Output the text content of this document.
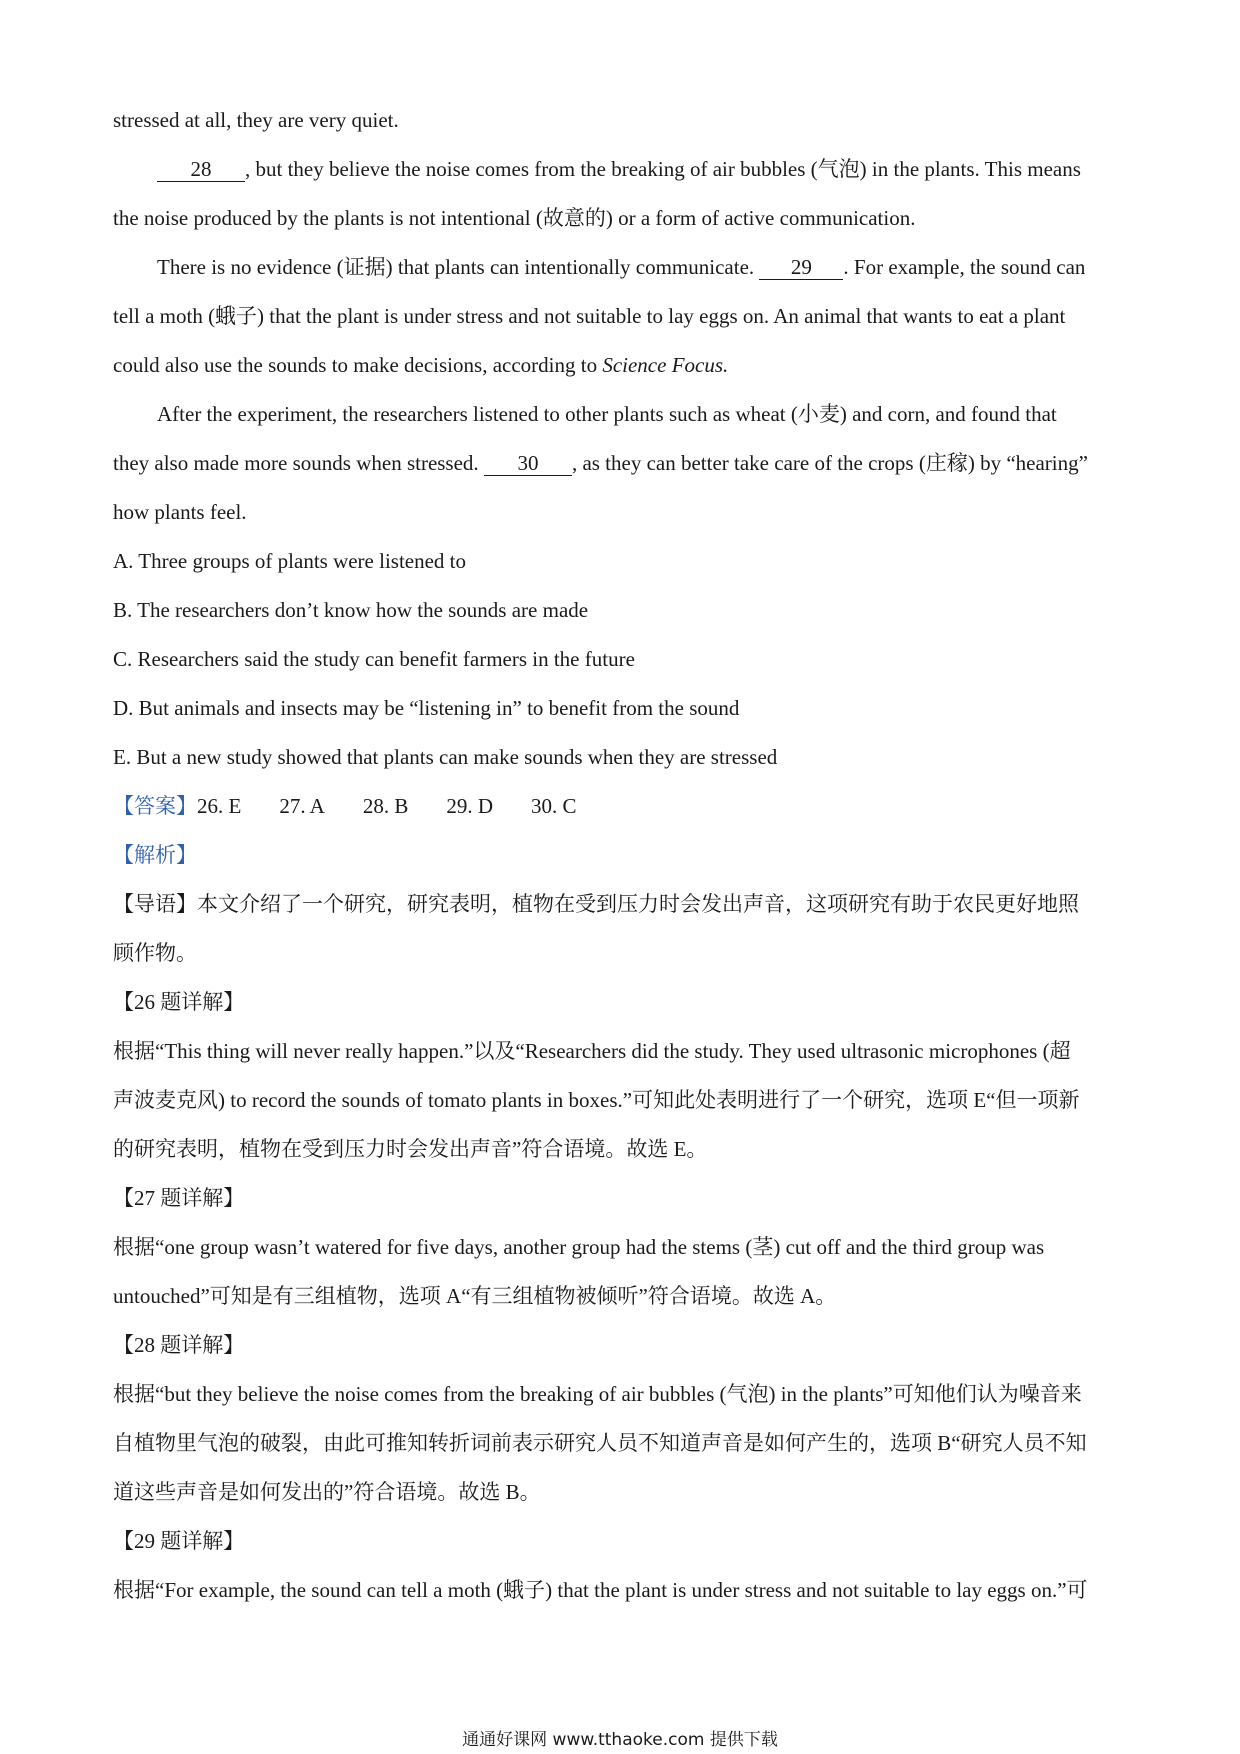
stressed at all, they are very quiet.
28 , but they believe the noise comes from the breaking of air bubbles (气泡) in the plants. This means
the noise produced by the plants is not intentional (故意的) or a form of active communication.
There is no evidence (证据) that plants can intentionally communicate. 29 . For example, the sound can
tell a moth (蛾子) that the plant is under stress and not suitable to lay eggs on. An animal that wants to eat a plant
could also use the sounds to make decisions, according to Science Focus.
After the experiment, the researchers listened to other plants such as wheat (小麦) and corn, and found that
they also made more sounds when stressed. 30 , as they can better take care of the crops (庄稼) by “hearing”
how plants feel.
A. Three groups of plants were listened to
B. The researchers don’t know how the sounds are made
C. Researchers said the study can benefit farmers in the future
D. But animals and insects may be “listening in” to benefit from the sound
E. But a new study showed that plants can make sounds when they are stressed
【答案】26. E 27. A 28. B 29. D 30. C
【解析】
【导语】本文介绍了一个研究，研究表明，植物在受到压力时会发出声音，这项研究有助于农民更好地照
顾作物。
【26 题详解】
根据“This thing will never really happen.”以及“Researchers did the study. They used ultrasonic microphones (超
声波麦克风) to record the sounds of tomato plants in boxes.”可知此处表明进行了一个研究，选项 E“但一项新
的研究表明，植物在受到压力时会发出声音”符合语境。故选 E。
【27 题详解】
根据“one group wasn’t watered for five days, another group had the stems (茎) cut off and the third group was
untouched”可知是有三组植物，选项 A“有三组植物被倾听”符合语境。故选 A。
【28 题详解】
根据“but they believe the noise comes from the breaking of air bubbles (气泡) in the plants”可知他们认为噪音来
自植物里气泡的破裂，由此可推知转折词前表示研究人员不知道声音是如何产生的，选项 B“研究人员不知
道这些声音是如何发出的”符合语境。故选 B。
【29 题详解】
根据“For example, the sound can tell a moth (蛾子) that the plant is under stress and not suitable to lay eggs on.”可
通通好课网 www.tthaoke.com 提供下载
